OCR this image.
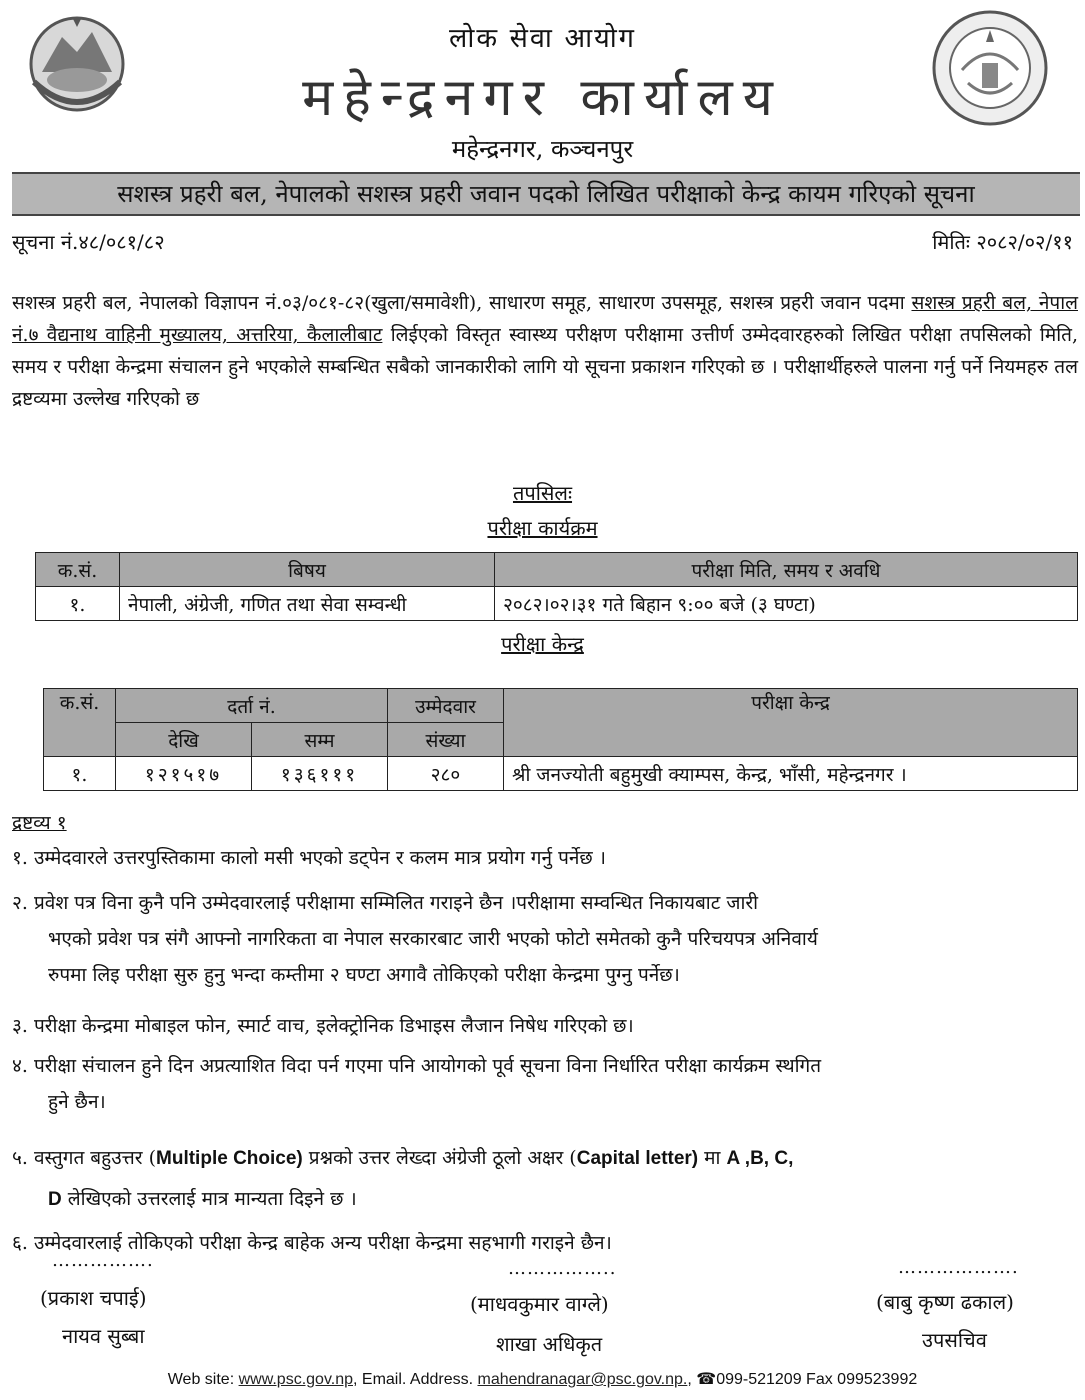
लोक सेवा आयोग
महेन्द्रनगर कार्यालय
महेन्द्रनगर, कञ्चनपुर
सशस्त्र प्रहरी बल, नेपालको सशस्त्र प्रहरी जवान पदको लिखित परीक्षाको केन्द्र कायम गरिएको सूचना
सूचना नं.४८/०८१/८२	मितिः २०८२/०२/११
सशस्त्र प्रहरी बल, नेपालको विज्ञापन नं.०३/०८१-८२(खुला/समावेशी), साधारण समूह, साधारण उपसमूह, सशस्त्र प्रहरी जवान पदमा सशस्त्र प्रहरी बल, नेपाल नं.७ वैद्यनाथ वाहिनी मुख्यालय, अत्तरिया, कैलालीबाट लिईएको विस्तृत स्वास्थ्य परीक्षण परीक्षामा उत्तीर्ण उम्मेदवारहरुको लिखित परीक्षा तपसिलको मिति, समय र परीक्षा केन्द्रमा संचालन हुने भएकोले सम्बन्धित सबैको जानकारीको लागि यो सूचना प्रकाशन गरिएको छ । परीक्षार्थीहरुले पालना गर्नु पर्ने नियमहरु तल द्रष्टव्यमा उल्लेख गरिएको छ
तपसिलः
परीक्षा कार्यक्रम
क.सं.	बिषय	परीक्षा मिति, समय र अवधि
१.	नेपाली, अंग्रेजी, गणित तथा सेवा सम्वन्धी	२०८२।०२।३१ गते बिहान ९:०० बजे (३ घण्टा)
परीक्षा केन्द्र
क.सं.	दर्ता नं.		उम्मेदवार	परीक्षा केन्द्र
	देखि	सम्म	संख्या	
१.	१२१५१७	१३६१११	२८०	श्री जनज्योती बहुमुखी क्याम्पस, केन्द्र, भाँसी, महेन्द्रनगर ।
द्रष्टव्य १
१. उम्मेदवारले उत्तरपुस्तिकामा कालो मसी भएको डट्पेन र कलम मात्र प्रयोग गर्नु पर्नेछ ।
२. प्रवेश पत्र विना कुनै पनि उम्मेदवारलाई परीक्षामा सम्मिलित गराइने छैन ।परीक्षामा सम्वन्धित निकायबाट जारी
भएको प्रवेश पत्र संगै आफ्नो नागरिकता वा नेपाल सरकारबाट जारी भएको फोटो समेतको कुनै परिचयपत्र अनिवार्य
रुपमा लिइ परीक्षा सुरु हुनु भन्दा कम्तीमा २ घण्टा अगावै तोकिएको परीक्षा केन्द्रमा पुग्नु पर्नेछ।
३. परीक्षा केन्द्रमा मोबाइल फोन, स्मार्ट वाच, इलेक्ट्रोनिक डिभाइस लैजान निषेध गरिएको छ।
४. परीक्षा संचालन हुने दिन अप्रत्याशित विदा पर्न गएमा पनि आयोगको पूर्व सूचना विना निर्धारित परीक्षा कार्यक्रम स्थगित
हुने छैन।
५. वस्तुगत बहुउत्तर (Multiple Choice) प्रश्नको उत्तर लेख्दा अंग्रेजी ठूलो अक्षर (Capital letter) मा A ,B, C,
D लेखिएको उत्तरलाई मात्र मान्यता दिइने छ ।
६. उम्मेदवारलाई तोकिएको परीक्षा केन्द्र बाहेक अन्य परीक्षा केन्द्रमा सहभागी गराइने छैन।
…………….	……………..	……………….
(प्रकाश चपाई)
नायव सुब्बा
(माधवकुमार वाग्ले)
शाखा अधिकृत
(बाबु कृष्ण ढकाल)
उपसचिव
Web site: www.psc.gov.np, Email. Address. mahendranagar@psc.gov.np., ☎099-521209 Fax 099523992
